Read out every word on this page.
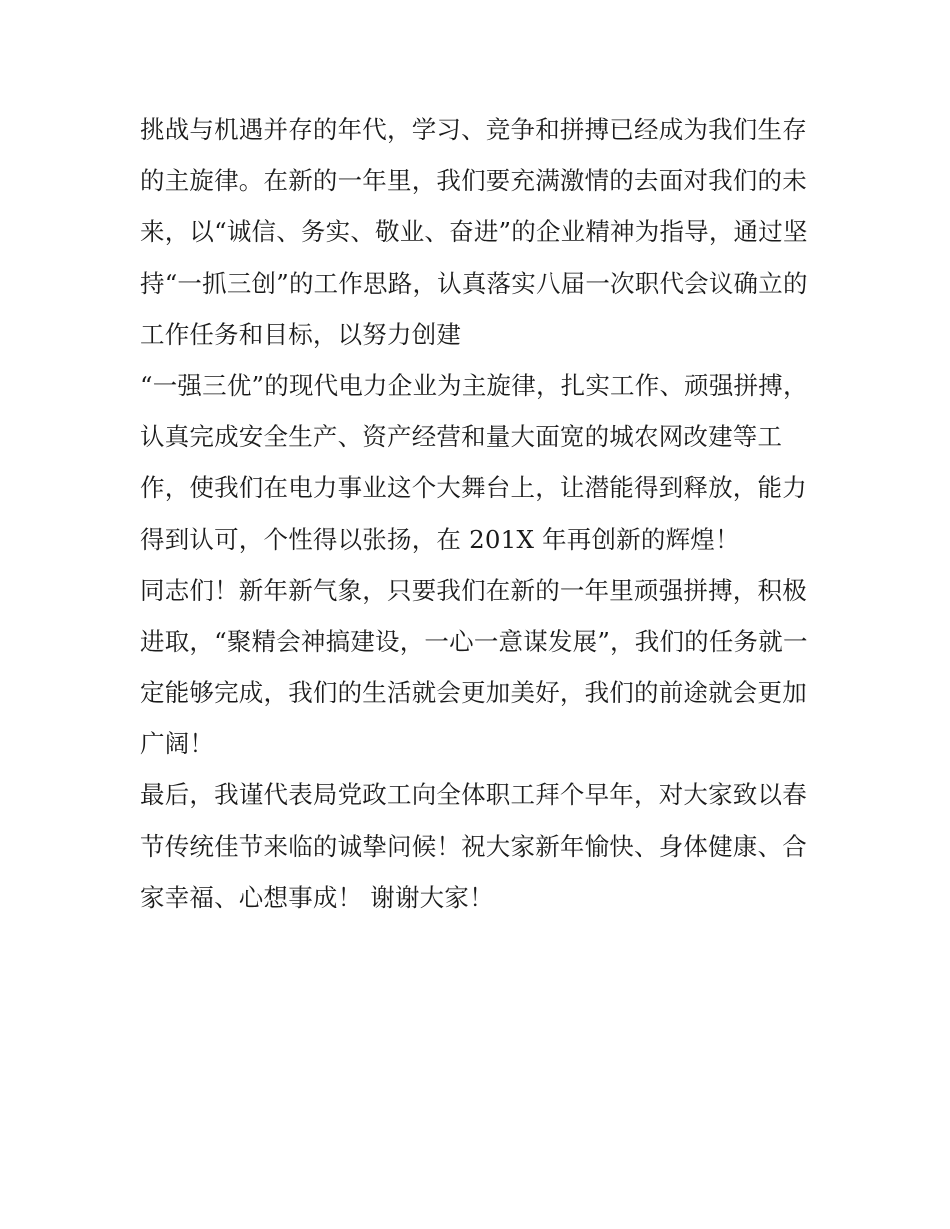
挑战与机遇并存的年代，学习、竞争和拼搏已经成为我们生存
的主旋律。在新的一年里，我们要充满激情的去面对我们的未
来，以“诚信、务实、敬业、奋进”的企业精神为指导，通过坚
持“一抓三创”的工作思路，认真落实八届一次职代会议确立的
工作任务和目标，以努力创建
“一强三优”的现代电力企业为主旋律，扎实工作、顽强拼搏，
认真完成安全生产、资产经营和量大面宽的城农网改建等工
作，使我们在电力事业这个大舞台上，让潜能得到释放，能力
得到认可，个性得以张扬，在 201X 年再创新的辉煌！
同志们！新年新气象，只要我们在新的一年里顽强拼搏，积极
进取，“聚精会神搞建设，一心一意谋发展”，我们的任务就一
定能够完成，我们的生活就会更加美好，我们的前途就会更加
广阔！
最后，我谨代表局党政工向全体职工拜个早年，对大家致以春
节传统佳节来临的诚挚问候！祝大家新年愉快、身体健康、合
家幸福、心想事成！ 谢谢大家！
